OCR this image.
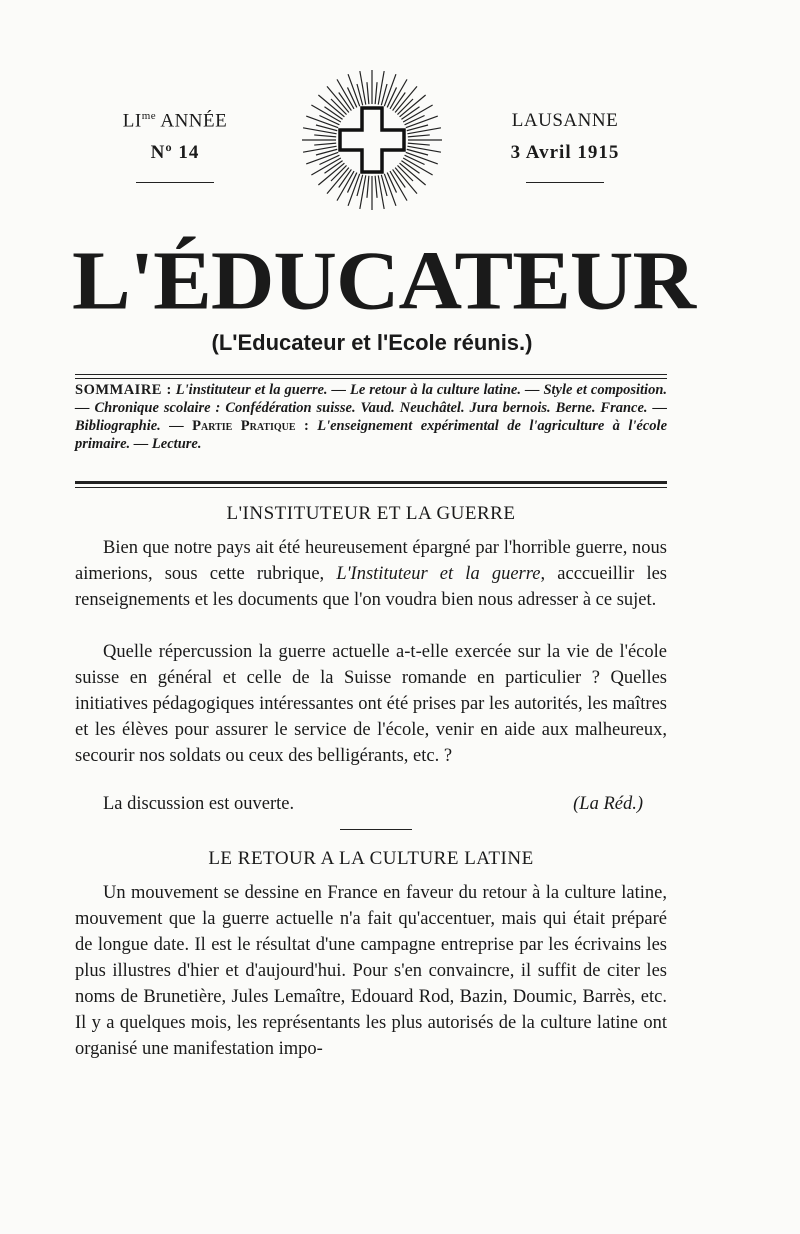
$LI^{me}$ ANNÉE
Nº 14
LAUSANNE
3 Avril 1915
L'ÉDUCATEUR
(L'Educateur et l'Ecole réunis.)
SOMMAIRE : L'instituteur et la guerre. — Le retour à la culture latine. — Style et composition. — Chronique scolaire : Confédération suisse. Vaud. Neuchâtel. Jura bernois. Berne. France. — Bibliographie. — Partie Pratique : L'enseignement expérimental de l'agriculture à l'école primaire. — Lecture.
L'INSTITUTEUR ET LA GUERRE
Bien que notre pays ait été heureusement épargné par l'horrible guerre, nous aimerions, sous cette rubrique, L'Instituteur et la guerre, acccueillir les renseignements et les documents que l'on voudra bien nous adresser à ce sujet.
Quelle répercussion la guerre actuelle a-t-elle exercée sur la vie de l'école suisse en général et celle de la Suisse romande en particulier ? Quelles initiatives pédagogiques intéressantes ont été prises par les autorités, les maîtres et les élèves pour assurer le service de l'école, venir en aide aux malheureux, secourir nos soldats ou ceux des belligérants, etc. ?
La discussion est ouverte.	(La Réd.)
LE RETOUR A LA CULTURE LATINE
Un mouvement se dessine en France en faveur du retour à la culture latine, mouvement que la guerre actuelle n'a fait qu'accentuer, mais qui était préparé de longue date. Il est le résultat d'une campagne entreprise par les écrivains les plus illustres d'hier et d'aujourd'hui. Pour s'en convaincre, il suffit de citer les noms de Brunetière, Jules Lemaître, Edouard Rod, Bazin, Doumic, Barrès, etc. Il y a quelques mois, les représentants les plus autorisés de la culture latine ont organisé une manifestation impo-
